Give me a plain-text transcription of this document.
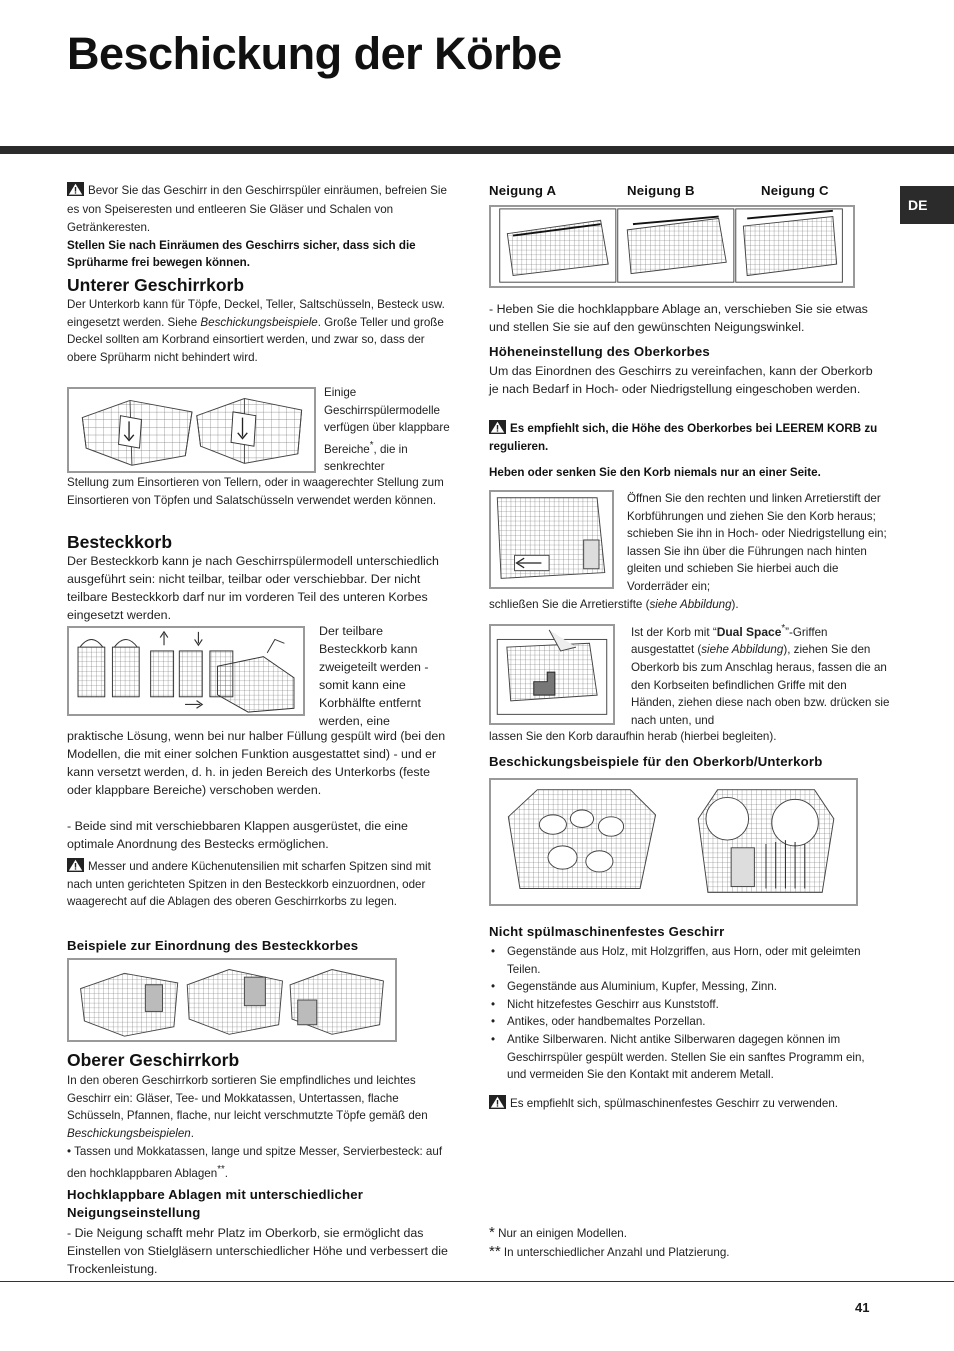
Beschickung der Körbe
DE
Bevor Sie das Geschirr in den Geschirrspüler einräumen, befreien Sie es von Speiseresten und entleeren Sie Gläser und Schalen von Getränkeresten.
Stellen Sie nach Einräumen des Geschirrs sicher, dass sich die Sprüharme frei bewegen können.
Unterer Geschirrkorb
Der Unterkorb kann für Töpfe, Deckel, Teller, Saltschüsseln, Besteck usw. eingesetzt werden. Siehe Beschickungsbeispiele. Große Teller und große Deckel sollten am Korbrand einsortiert werden, und zwar so, dass der obere Sprüharm nicht behindert wird.
Einige Geschirrspülermodelle verfügen über klappbare Bereiche*, die in senkrechter
Stellung zum Einsortieren von Tellern, oder in waagerechter Stellung zum Einsortieren von Töpfen und Salatschüsseln verwendet werden können.
Besteckkorb
Der Besteckkorb kann je nach Geschirrspülermodell unterschiedlich ausgeführt sein: nicht teilbar, teilbar oder verschiebbar. Der nicht teilbare Besteckkorb darf nur im vorderen Teil des unteren Korbes eingesetzt werden.
Der teilbare Besteckkorb kann zweigeteilt werden - somit kann eine Korbhälfte entfernt werden, eine
praktische Lösung, wenn bei nur halber Füllung gespült wird (bei den Modellen, die mit einer solchen Funktion ausgestattet sind) - und er kann versetzt werden, d. h. in jeden Bereich des Unterkorbs (feste oder klappbare Bereiche) verschoben werden.
- Beide sind mit verschiebbaren Klappen ausgerüstet, die eine optimale Anordnung des Bestecks ermöglichen.
Messer und andere Küchenutensilien mit scharfen Spitzen sind mit nach unten gerichteten Spitzen in den Besteckkorb einzuordnen, oder waagerecht auf die Ablagen des oberen Geschirrkorbs zu legen.
Beispiele zur Einordnung des Besteckkorbes
Oberer Geschirrkorb
In den oberen Geschirrkorb sortieren Sie empfindliches und leichtes Geschirr ein: Gläser, Tee- und Mokkatassen, Untertassen, flache Schüsseln, Pfannen, flache, nur leicht verschmutzte Töpfe gemäß den Beschickungsbeispielen.
• Tassen und Mokkatassen, lange und spitze Messer, Servierbesteck: auf den hochklappbaren Ablagen**.
Hochklappbare Ablagen mit unterschiedlicher Neigungseinstellung
- Die Neigung schafft mehr Platz im Oberkorb, sie ermöglicht das Einstellen von Stielgläsern unterschiedlicher Höhe und verbessert die Trockenleistung.
Neigung A	Neigung B	Neigung C
- Heben Sie die hochklappbare Ablage an, verschieben Sie sie etwas und stellen Sie sie auf den gewünschten Neigungswinkel.
Höheneinstellung des Oberkorbes
Um das Einordnen des Geschirrs zu vereinfachen, kann der Oberkorb je nach Bedarf in Hoch- oder Niedrigstellung eingeschoben werden.
Es empfiehlt sich, die Höhe des Oberkorbes bei LEEREM KORB zu regulieren.
Heben oder senken Sie den Korb niemals nur an einer Seite.
Öffnen Sie den rechten und linken Arretierstift der Korbführungen und ziehen Sie den Korb heraus; schieben Sie ihn in Hoch- oder Niedrigstellung ein; lassen Sie ihn über die Führungen nach hinten gleiten und schieben Sie hierbei auch die Vorderräder ein;
schließen Sie die Arretierstifte (siehe Abbildung).
Ist der Korb mit “Dual Space*”-Griffen ausgestattet (siehe Abbildung), ziehen Sie den Oberkorb bis zum Anschlag heraus, fassen die an den Korbseiten befindlichen Griffe mit den Händen, ziehen diese nach oben bzw. drücken sie nach unten, und
lassen Sie den Korb daraufhin herab (hierbei begleiten).
Beschickungsbeispiele für den Oberkorb/Unterkorb
Nicht spülmaschinenfestes Geschirr
• Gegenstände aus Holz, mit Holzgriffen, aus Horn, oder mit geleimten Teilen.
• Gegenstände aus Aluminium, Kupfer, Messing, Zinn.
• Nicht hitzefestes Geschirr aus Kunststoff.
• Antikes, oder handbemaltes Porzellan.
• Antike Silberwaren. Nicht antike Silberwaren dagegen können im Geschirrspüler gespült werden. Stellen Sie ein sanftes Programm ein, und vermeiden Sie den Kontakt mit anderem Metall.
Es empfiehlt sich, spülmaschinenfestes Geschirr zu verwenden.
* Nur an einigen Modellen.
** In unterschiedlicher Anzahl und Platzierung.
41
